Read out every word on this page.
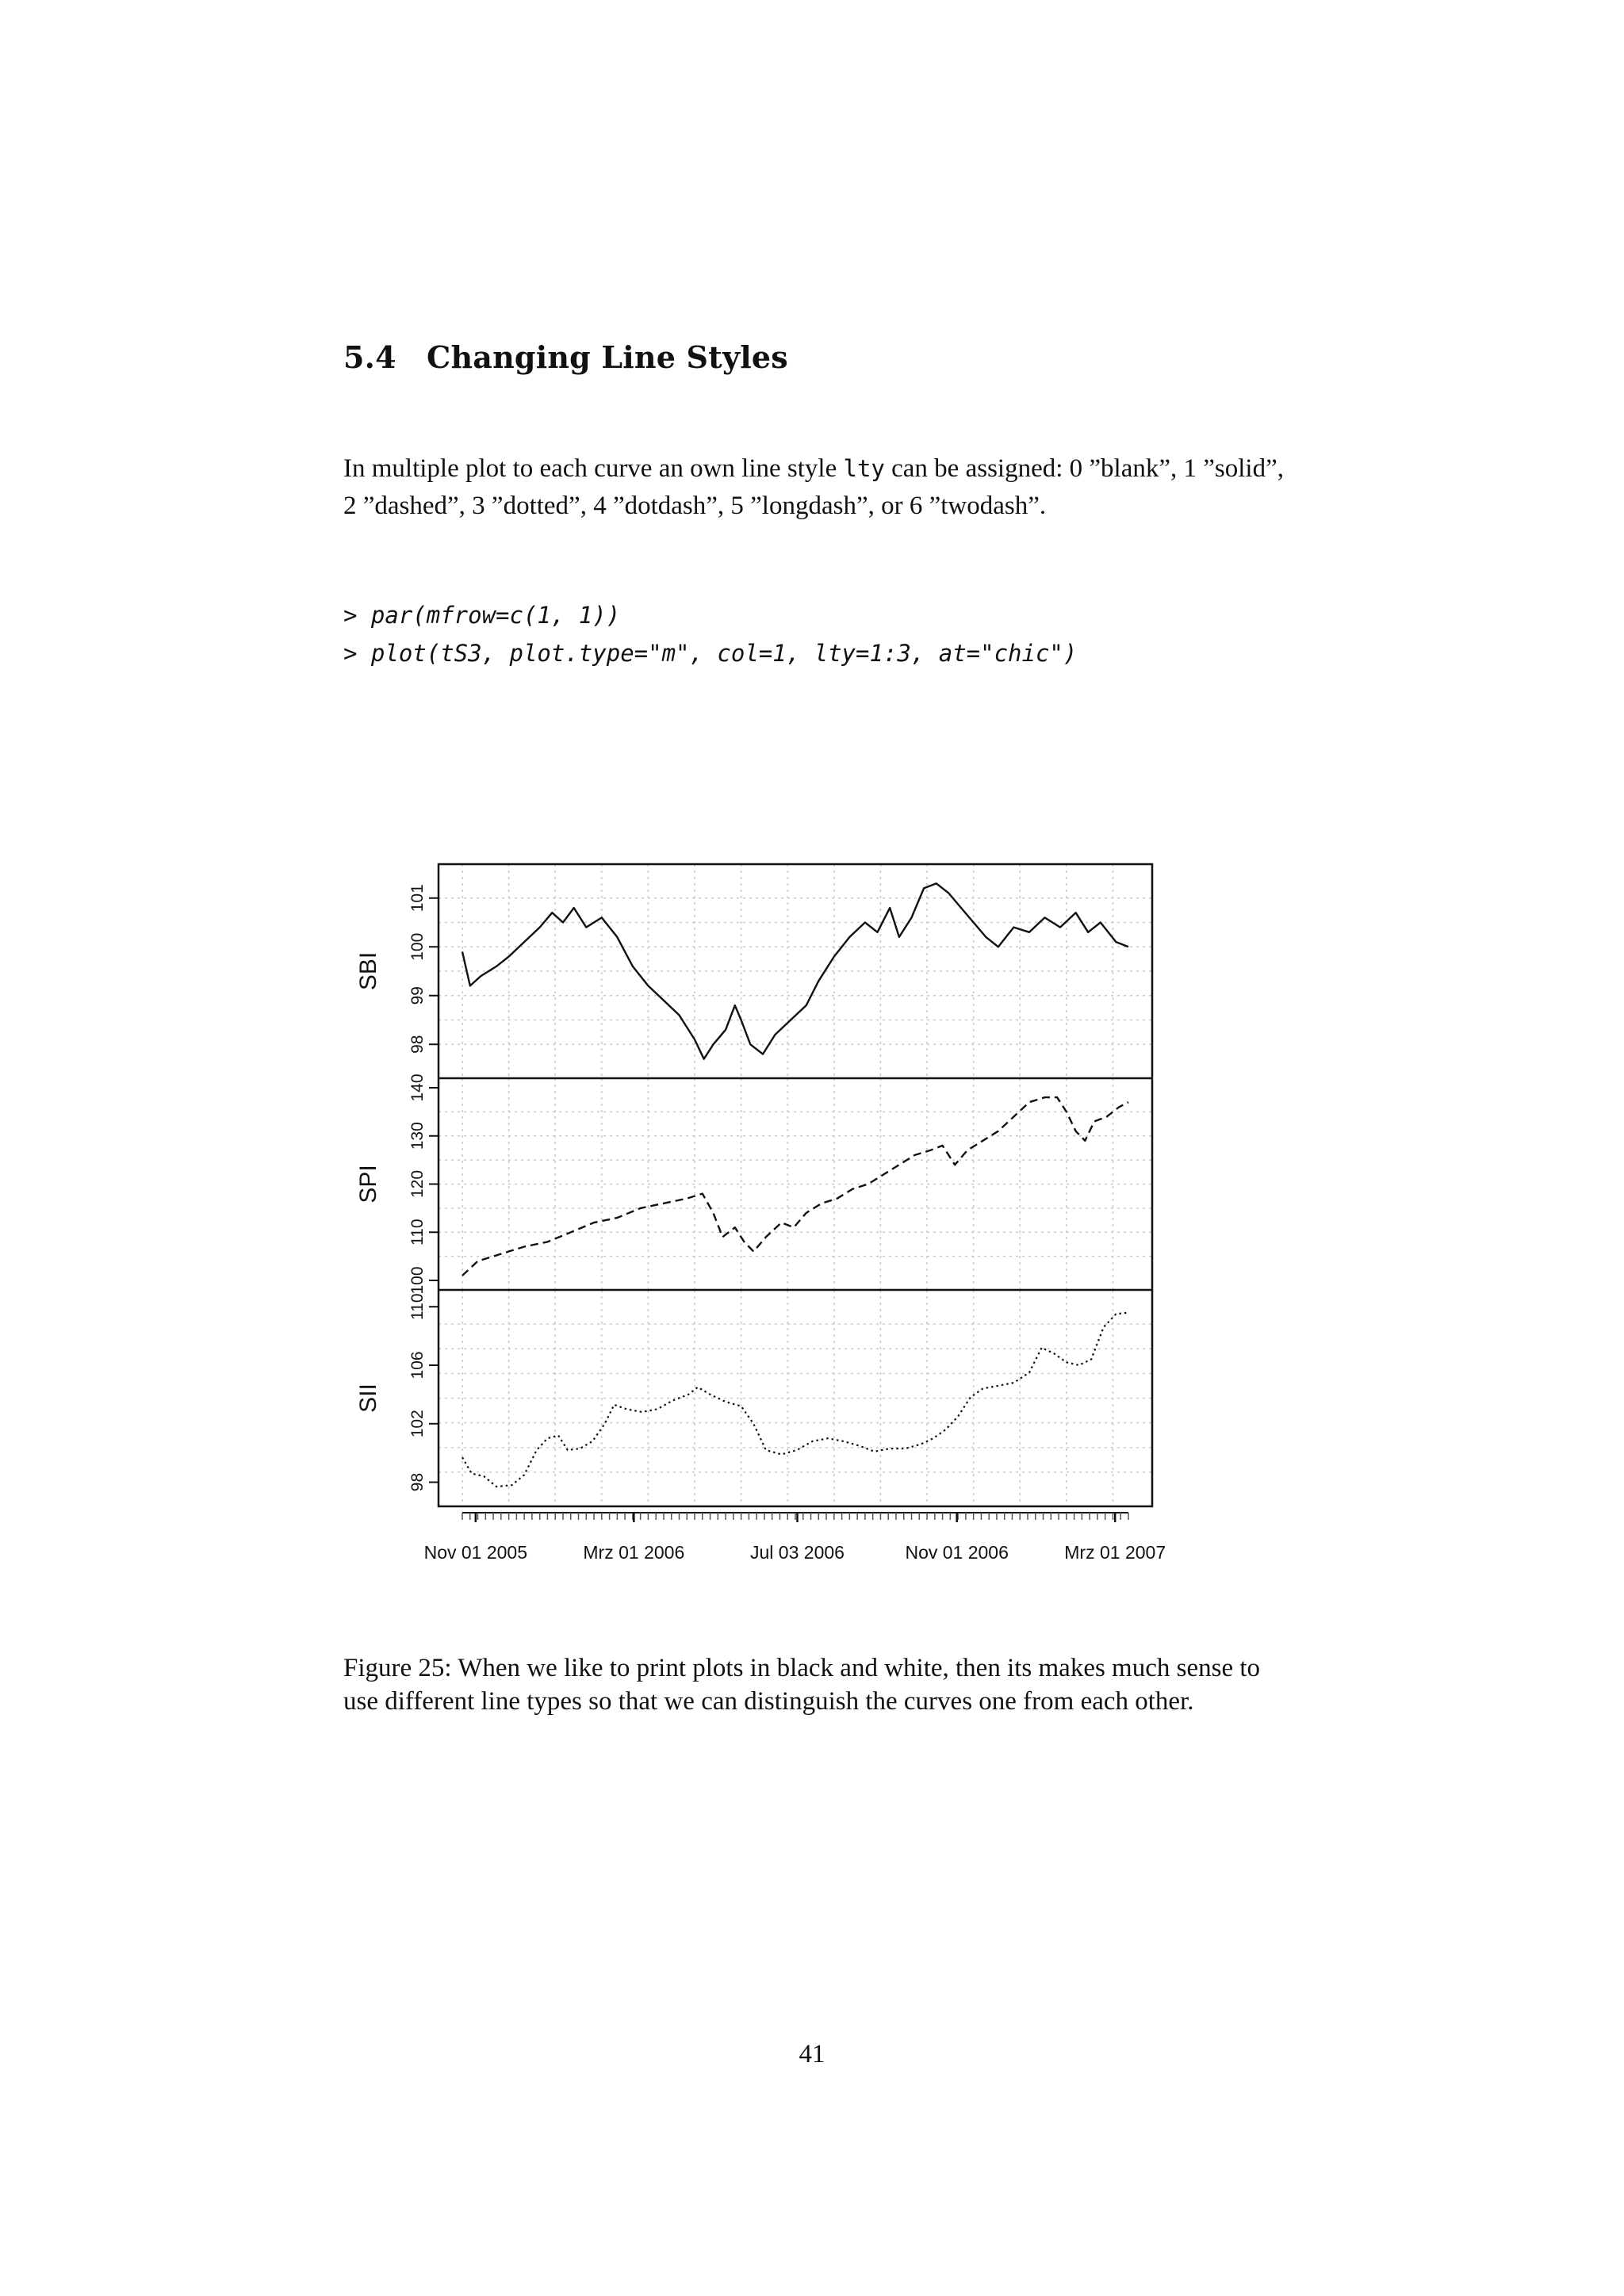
5.4 Changing Line Styles

In multiple plot to each curve an own line style lty can be assigned: 0 ”blank”, 1 ”solid”, 2 ”dashed”, 3 ”dotted”, 4 ”dotdash”, 5 ”longdash”, or 6 ”twodash”.

> par(mfrow=c(1, 1))
> plot(tS3, plot.type="m", col=1, lty=1:3, at="chic")
98
99
100
101
SBI
100
110
120
130
140
SPI
98
102
106
110
SII
Nov 01 2005	Mrz 01 2006	Jul 03 2006	Nov 01 2006	Mrz 01 2007

Figure 25: When we like to print plots in black and white, then its makes much sense to use different line types so that we can distinguish the curves one from each other.

41
